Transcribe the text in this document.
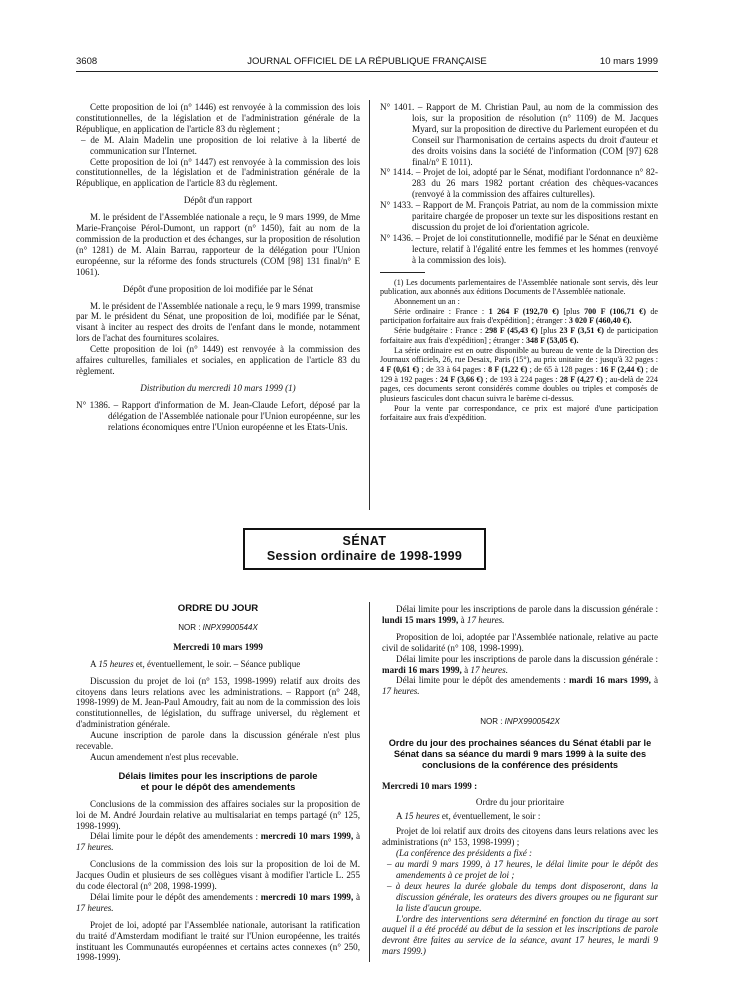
3608	JOURNAL OFFICIEL DE LA RÉPUBLIQUE FRANÇAISE	10 mars 1999

Cette proposition de loi (n° 1446) est renvoyée à la commission des lois constitutionnelles, de la législation et de l'administration générale de la République, en application de l'article 83 du règlement ;

– de M. Alain Madelin une proposition de loi relative à la liberté de communication sur l'Internet.

Cette proposition de loi (n° 1447) est renvoyée à la commission des lois constitutionnelles, de la législation et de l'administration générale de la République, en application de l'article 83 du règlement.

Dépôt d'un rapport

M. le président de l'Assemblée nationale a reçu, le 9 mars 1999, de Mme Marie-Françoise Pérol-Dumont, un rapport (n° 1450), fait au nom de la commission de la production et des échanges, sur la proposition de résolution (n° 1281) de M. Alain Barrau, rapporteur de la délégation pour l'Union européenne, sur la réforme des fonds structurels (COM [98] 131 final/n° E 1061).

Dépôt d'une proposition de loi modifiée par le Sénat

M. le président de l'Assemblée nationale a reçu, le 9 mars 1999, transmise par M. le président du Sénat, une proposition de loi, modifiée par le Sénat, visant à inciter au respect des droits de l'enfant dans le monde, notamment lors de l'achat des fournitures scolaires.

Cette proposition de loi (n° 1449) est renvoyée à la commission des affaires culturelles, familiales et sociales, en application de l'article 83 du règlement.

Distribution du mercredi 10 mars 1999 (1)

N° 1386. – Rapport d'information de M. Jean-Claude Lefort, déposé par la délégation de l'Assemblée nationale pour l'Union européenne, sur les relations économiques entre l'Union européenne et les Etats-Unis.

N° 1401. – Rapport de M. Christian Paul, au nom de la commission des lois, sur la proposition de résolution (n° 1109) de M. Jacques Myard, sur la proposition de directive du Parlement européen et du Conseil sur l'harmonisation de certains aspects du droit d'auteur et des droits voisins dans la société de l'information (COM [97] 628 final/n° E 1011).

N° 1414. – Projet de loi, adopté par le Sénat, modifiant l'ordonnance n° 82-283 du 26 mars 1982 portant création des chèques-vacances (renvoyé à la commission des affaires culturelles).

N° 1433. – Rapport de M. François Patriat, au nom de la commission mixte paritaire chargée de proposer un texte sur les dispositions restant en discussion du projet de loi d'orientation agricole.

N° 1436. – Projet de loi constitutionnelle, modifié par le Sénat en deuxième lecture, relatif à l'égalité entre les femmes et les hommes (renvoyé à la commission des lois).

(1) Les documents parlementaires de l'Assemblée nationale sont servis, dès leur publication, aux abonnés aux éditions Documents de l'Assemblée nationale.

Abonnement un an :

Série ordinaire : France : 1 264 F (192,70 €) [plus 700 F (106,71 €) de participation forfaitaire aux frais d'expédition] ; étranger : 3 020 F (460,40 €).

Série budgétaire : France : 298 F (45,43 €) [plus 23 F (3,51 €) de participation forfaitaire aux frais d'expédition] ; étranger : 348 F (53,05 €).

La série ordinaire est en outre disponible au bureau de vente de la Direction des Journaux officiels, 26, rue Desaix, Paris (15°), au prix unitaire de : jusqu'à 32 pages : 4 F (0,61 €) ; de 33 à 64 pages : 8 F (1,22 €) ; de 65 à 128 pages : 16 F (2,44 €) ; de 129 à 192 pages : 24 F (3,66 €) ; de 193 à 224 pages : 28 F (4,27 €) ; au-delà de 224 pages, ces documents seront considérés comme doubles ou triples et composés de plusieurs fascicules dont chacun suivra le barème ci-dessus.

Pour la vente par correspondance, ce prix est majoré d'une participation forfaitaire aux frais d'expédition.

SÉNAT
Session ordinaire de 1998-1999

ORDRE DU JOUR

NOR : INPX9900544X

Mercredi 10 mars 1999

A 15 heures et, éventuellement, le soir. – Séance publique

Discussion du projet de loi (n° 153, 1998-1999) relatif aux droits des citoyens dans leurs relations avec les administrations. – Rapport (n° 248, 1998-1999) de M. Jean-Paul Amoudry, fait au nom de la commission des lois constitutionnelles, de législation, du suffrage universel, du règlement et d'administration générale.

Aucune inscription de parole dans la discussion générale n'est plus recevable.

Aucun amendement n'est plus recevable.

Délais limites pour les inscriptions de parole

et pour le dépôt des amendements

Conclusions de la commission des affaires sociales sur la proposition de loi de M. André Jourdain relative au multisalariat en temps partagé (n° 125, 1998-1999).

Délai limite pour le dépôt des amendements : mercredi 10 mars 1999, à 17 heures.

Conclusions de la commission des lois sur la proposition de loi de M. Jacques Oudin et plusieurs de ses collègues visant à modifier l'article L. 255 du code électoral (n° 208, 1998-1999).

Délai limite pour le dépôt des amendements : mercredi 10 mars 1999, à 17 heures.

Projet de loi, adopté par l'Assemblée nationale, autorisant la ratification du traité d'Amsterdam modifiant le traité sur l'Union européenne, les traités instituant les Communautés européennes et certains actes connexes (n° 250, 1998-1999).

Délai limite pour les inscriptions de parole dans la discussion générale : lundi 15 mars 1999, à 17 heures.

Proposition de loi, adoptée par l'Assemblée nationale, relative au pacte civil de solidarité (n° 108, 1998-1999).

Délai limite pour les inscriptions de parole dans la discussion générale : mardi 16 mars 1999, à 17 heures.

Délai limite pour le dépôt des amendements : mardi 16 mars 1999, à 17 heures.

NOR : INPX9900542X

Ordre du jour des prochaines séances du Sénat établi par le Sénat dans sa séance du mardi 9 mars 1999 à la suite des conclusions de la conférence des présidents

Mercredi 10 mars 1999 :

Ordre du jour prioritaire

A 15 heures et, éventuellement, le soir :

Projet de loi relatif aux droits des citoyens dans leurs relations avec les administrations (n° 153, 1998-1999) ;

(La conférence des présidents a fixé :

– au mardi 9 mars 1999, à 17 heures, le délai limite pour le dépôt des amendements à ce projet de loi ;

– à deux heures la durée globale du temps dont disposeront, dans la discussion générale, les orateurs des divers groupes ou ne figurant sur la liste d'aucun groupe.

L'ordre des interventions sera déterminé en fonction du tirage au sort auquel il a été procédé au début de la session et les inscriptions de parole devront être faites au service de la séance, avant 17 heures, le mardi 9 mars 1999.)
